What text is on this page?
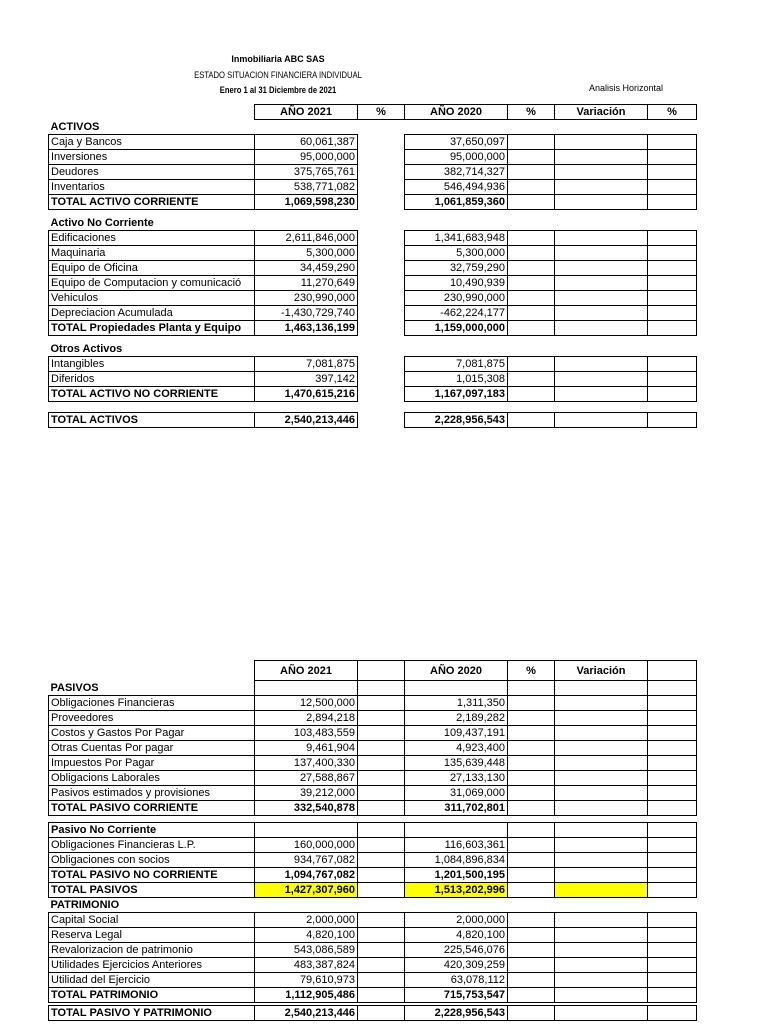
Inmobiliaria ABC SAS
ESTADO SITUACION FINANCIERA INDIVIDUAL
Enero 1 al 31 Diciembre de 2021	Analisis Horizontal
	AÑO 2021	%	AÑO 2020	%	Variación	%
ACTIVOS						
Caja y Bancos	60,061,387		37,650,097			
Inversiones	95,000,000		95,000,000			
Deudores	375,765,761		382,714,327			
Inventarios	538,771,082		546,494,936			
TOTAL ACTIVO CORRIENTE	1,069,598,230		1,061,859,360			

Activo No Corriente						
Edificaciones	2,611,846,000		1,341,683,948			
Maquinaria	5,300,000		5,300,000			
Equipo de Oficina	34,459,290		32,759,290			
Equipo de Computacion y comunicació	11,270,649		10,490,939			
Vehiculos	230,990,000		230,990,000			
Depreciacion Acumulada	-1,430,729,740		-462,224,177			
TOTAL Propiedades Planta y Equipo	1,463,136,199		1,159,000,000			

Otros Activos						
Intangibles	7,081,875		7,081,875			
Diferidos	397,142		1,015,308			
TOTAL ACTIVO NO CORRIENTE	1,470,615,216		1,167,097,183			

TOTAL ACTIVOS	2,540,213,446		2,228,956,543			
	AÑO 2021		AÑO 2020	%	Variación	
PASIVOS						
Obligaciones Financieras	12,500,000		1,311,350			
Proveedores	2,894,218		2,189,282			
Costos y Gastos Por Pagar	103,483,559		109,437,191			
Otras Cuentas Por pagar	9,461,904		4,923,400			
Impuestos Por Pagar	137,400,330		135,639,448			
Obligacions Laborales	27,588,867		27,133,130			
Pasivos estimados y provisiones	39,212,000		31,069,000			
TOTAL PASIVO CORRIENTE	332,540,878		311,702,801			

Pasivo No Corriente						
Obligaciones Financieras L.P.	160,000,000		116,603,361			
Obligaciones con socios	934,767,082		1,084,896,834			
TOTAL PASIVO NO CORRIENTE	1,094,767,082		1,201,500,195			
TOTAL PASIVOS	1,427,307,960		1,513,202,996			
PATRIMONIO						
Capital Social	2,000,000		2,000,000			
Reserva Legal	4,820,100		4,820,100			
Revalorizacion de patrimonio	543,086,589		225,546,076			
Utilidades Ejercicios Anteriores	483,387,824		420,309,259			
Utilidad del Ejercicio	79,610,973		63,078,112			
TOTAL PATRIMONIO	1,112,905,486		715,753,547			

TOTAL PASIVO Y PATRIMONIO	2,540,213,446		2,228,956,543			
